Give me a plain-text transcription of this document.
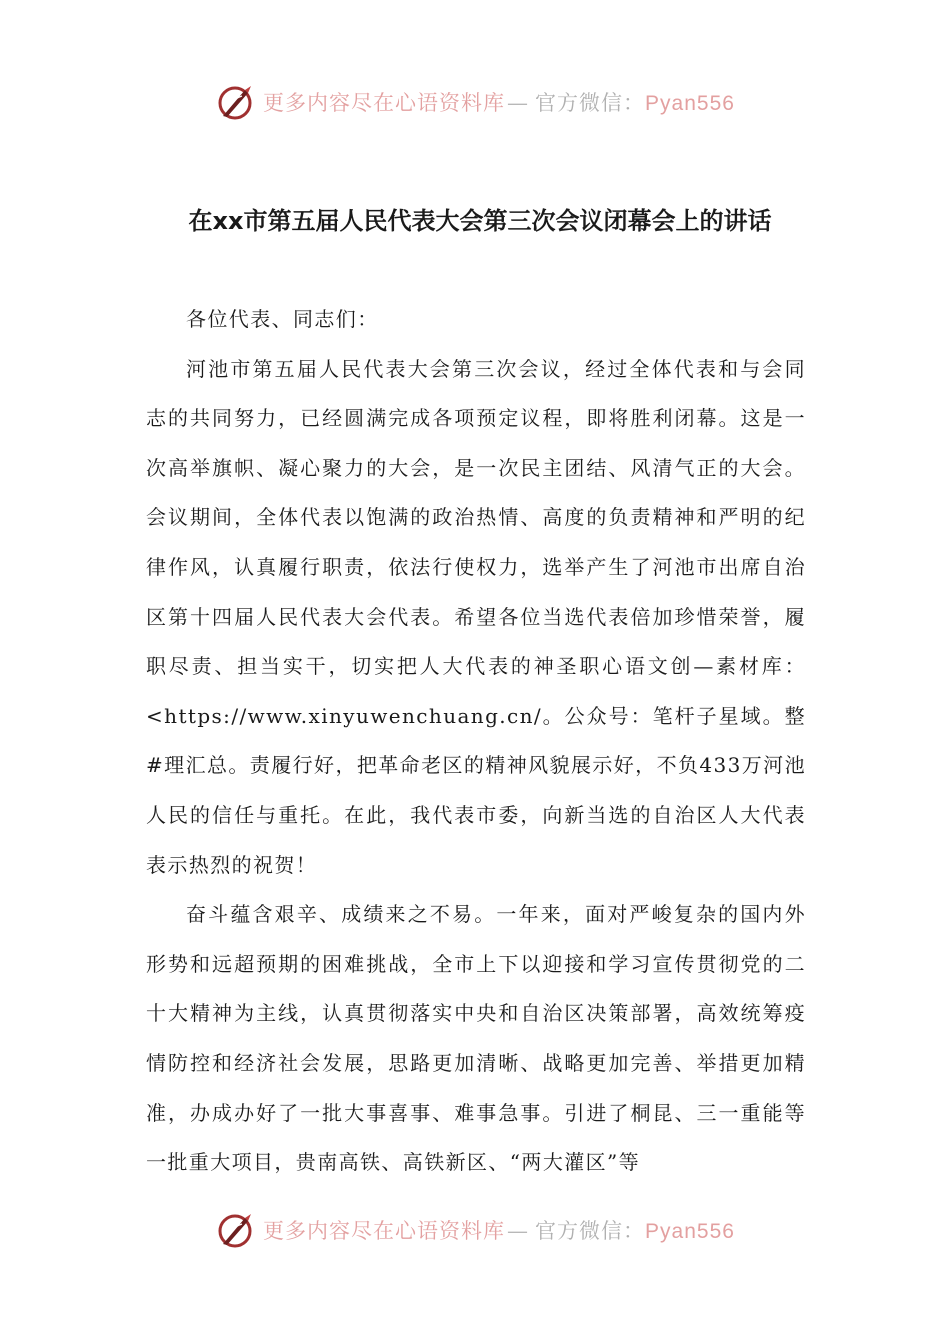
更多内容尽在心语资料库— 官方微信：Pyan556
在xx市第五届人民代表大会第三次会议闭幕会上的讲话

各位代表、同志们：

河池市第五届人民代表大会第三次会议，经过全体代表和与会同志的共同努力，已经圆满完成各项预定议程，即将胜利闭幕。这是一次高举旗帜、凝心聚力的大会，是一次民主团结、风清气正的大会。会议期间，全体代表以饱满的政治热情、高度的负责精神和严明的纪律作风，认真履行职责，依法行使权力，选举产生了河池市出席自治区第十四届人民代表大会代表。希望各位当选代表倍加珍惜荣誉，履职尽责、担当实干，切实把人大代表的神圣职心语文创—素材库：<https://www.xinyuwenchuang.cn/。公众号：笔杆子星域。整#理汇总。责履行好，把革命老区的精神风貌展示好，不负433万河池人民的信任与重托。在此，我代表市委，向新当选的自治区人大代表表示热烈的祝贺！

奋斗蕴含艰辛、成绩来之不易。一年来，面对严峻复杂的国内外形势和远超预期的困难挑战，全市上下以迎接和学习宣传贯彻党的二十大精神为主线，认真贯彻落实中央和自治区决策部署，高效统筹疫情防控和经济社会发展，思路更加清晰、战略更加完善、举措更加精准，办成办好了一批大事喜事、难事急事。引进了桐昆、三一重能等一批重大项目，贵南高铁、高铁新区、“两大灌区”等

更多内容尽在心语资料库— 官方微信：Pyan556
